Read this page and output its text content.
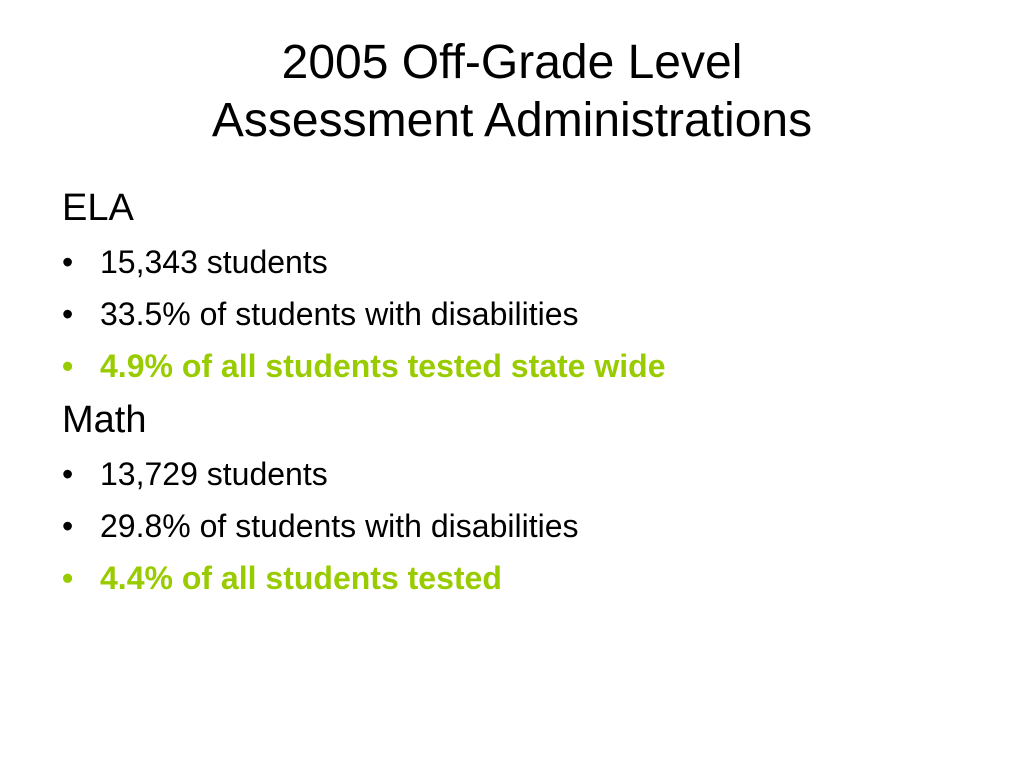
2005 Off-Grade Level
Assessment Administrations

ELA

• 15,343 students
• 33.5% of students with disabilities
• 4.9% of all students tested state wide

Math

• 13,729 students
• 29.8% of students with disabilities
• 4.4% of all students tested
